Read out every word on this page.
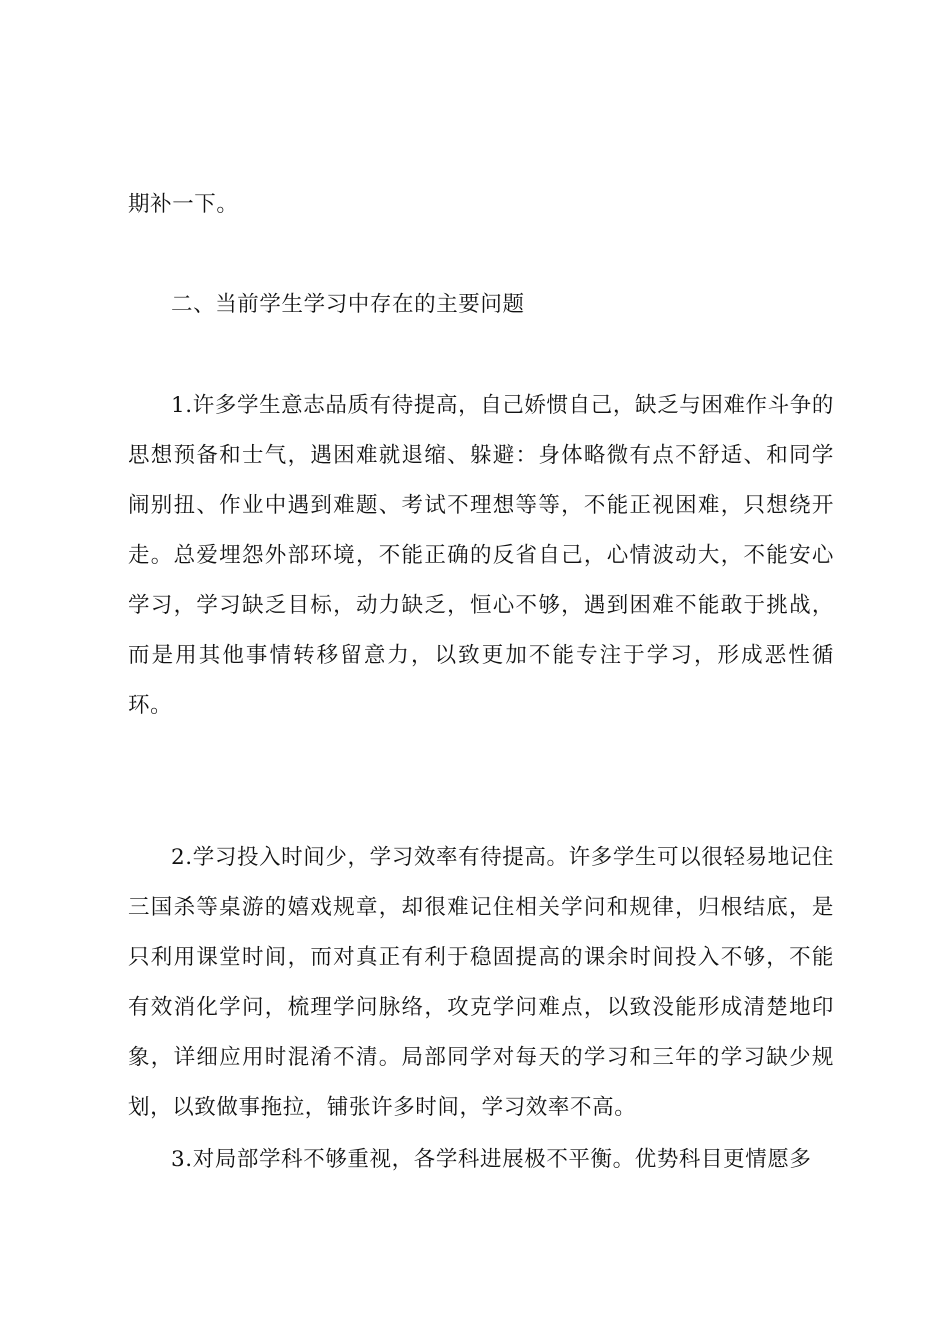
期补一下。

二、当前学生学习中存在的主要问题

1.许多学生意志品质有待提高，自己娇惯自己，缺乏与困难作斗争的思想预备和士气，遇困难就退缩、躲避：身体略微有点不舒适、和同学闹别扭、作业中遇到难题、考试不理想等等，不能正视困难，只想绕开走。总爱埋怨外部环境，不能正确的反省自己，心情波动大，不能安心学习，学习缺乏目标，动力缺乏，恒心不够，遇到困难不能敢于挑战，而是用其他事情转移留意力，以致更加不能专注于学习，形成恶性循环。

2.学习投入时间少，学习效率有待提高。许多学生可以很轻易地记住三国杀等桌游的嬉戏规章，却很难记住相关学问和规律，归根结底，是只利用课堂时间，而对真正有利于稳固提高的课余时间投入不够，不能有效消化学问，梳理学问脉络，攻克学问难点，以致没能形成清楚地印象，详细应用时混淆不清。局部同学对每天的学习和三年的学习缺少规划，以致做事拖拉，铺张许多时间，学习效率不高。

3.对局部学科不够重视，各学科进展极不平衡。优势科目更情愿多
